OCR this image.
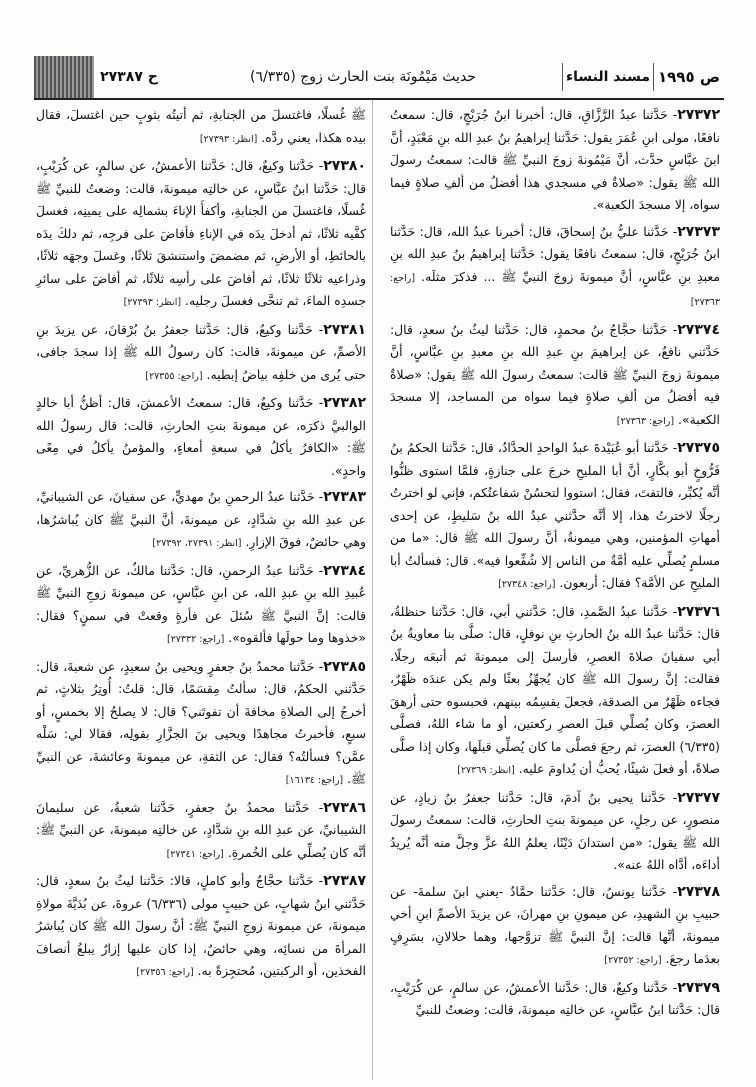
ص ١٩٩٥
مسند النساء
حديث مَيْمُونَة بنت الحارث زوج (٦/٣٣٥)
ح ٢٧٣٨٧

٢٧٣٧٢- حَدَّثنا عبدُ الرَّزَّاقِ، قال: أخبرنا ابنُ جُرَيْجٍ، قال: سمعتُ نافعًا، مولى ابنِ عُمَرَ يقول: حَدَّثنا إبراهيمُ بنُ عبدِ الله بنِ مَعْبَدٍ، أنَّ ابنَ عبَّاسٍ حدَّث، أنَّ مَيْمُونةَ زوجَ النبيِّ ﷺ قالت: سمعتُ رسولَ الله ﷺ يقول: «صلاةٌ في مسجدي هذا أفضلُ من ألفِ صلاةٍ فيما سواه، إلا مسجدَ الكعبة».

٢٧٣٧٣- حَدَّثنا عليُّ بنُ إسحاقَ، قال: أخبرنا عبدُ الله، قال: حَدَّثنا ابنُ جُرَيْجٍ، قال: سمعتُ نافعًا يقول: حَدَّثنا إبراهيمُ بنُ عبدِ الله بنِ معبدِ بنِ عبَّاسٍ، أنَّ ميمونةَ زوجَ النبيِّ ﷺ ... فذكرَ مثلَه. [راجع: ٢٧٣٦٣]

٢٧٣٧٤- حَدَّثنا حجَّاجُ بنُ محمدٍ، قال: حَدَّثنا ليثُ بنُ سعدٍ، قال: حَدَّثني نافعٌ، عن إبراهيمَ بنِ عبدِ الله بنِ معبدِ بنِ عبَّاسٍ، أنَّ ميمونةَ زوجَ النبيِّ ﷺ قالت: سمعتُ رسولَ الله ﷺ يقول: «صلاةٌ فيه أفضلُ من ألفِ صلاةٍ فيما سواه من المساجد، إلا مسجدَ الكعبة». [راجع: ٢٧٣٦٣]

٢٧٣٧٥- حَدَّثنا أبو عُبَيْدةَ عبدُ الواحدِ الحدَّادُ، قال: حَدَّثنا الحكمُ بنُ فَرُّوخٍ أبو بكَّارٍ، أنَّ أبا المليحِ خرجَ على جنازةٍ، فلمَّا استوى ظنُّوا أنَّه يُكبِّر، فالتفتَ، فقال: استووا لتحسُنْ شفاعتُكم، فإني لو اخترتُ رجلًا لاخترتُ هذا، إلا أنَّه حدَّثني عبدُ الله بنُ سَليطٍ، عن إحدى أمهاتِ المؤمنين، وهي ميمونةُ، أنَّ رسولَ الله ﷺ قال: «ما من مسلمٍ يُصلِّي عليه أمَّةٌ من الناس إلا شُفِّعوا فيه». قال: فسألتُ أبا المليحِ عن الأمَّة؟ فقال: أربعون. [راجع: ٢٧٣٤٨]

٢٧٣٧٦- حَدَّثنا عبدُ الصَّمدِ، قال: حَدَّثني أبي، قال: حَدَّثنا حنظلةُ، قال: حَدَّثنا عبدُ الله بنُ الحارثِ بنِ نوفلٍ، قال: صلَّى بنا معاويةُ بنُ أبي سفيانَ صلاةَ العصرِ، فأرسلَ إلى ميمونةَ ثم أتبعَه رجلًا، فقالت: إنَّ رسولَ الله ﷺ كان يُجهِّزُ بعثًا ولم يكن عندَه ظَهْرٌ، فجاءه ظَهْرٌ من الصدقة، فجعلَ يقسِمُه بينهم، فحبسوه حتى أرهقَ العصرَ، وكان يُصلِّي قبلَ العصرِ ركعتين، أو ما شاء اللهُ، فصلَّى (٦/٣٣٥) العصرَ، ثم رجعَ فصلَّى ما كان يُصلِّي قبلَها، وكان إذا صلَّى صلاةً، أو فعلَ شيئًا، يُحبُّ أن يُداومَ عليه. [انظر: ٢٧٣٦٩]

٢٧٣٧٧- حَدَّثنا يحيى بنُ آدمَ، قال: حَدَّثنا جعفرُ بنُ زيادٍ، عن منصورٍ، عن رجلٍ، عن ميمونةَ بنتِ الحارثِ، قالت: سمعتُ رسولَ الله ﷺ يقول: «من استدانَ دَيْنًا، يعلمُ اللهُ عزَّ وجلَّ منه أنَّه يُريدُ أداءَه، أدَّاه اللهُ عنه».

٢٧٣٧٨- حَدَّثنا يونسُ، قال: حَدَّثنا حمَّادٌ -يعني ابنَ سلمةَ- عن حبيبِ بنِ الشهيدِ، عن ميمونِ بنِ مهرانَ، عن يزيدَ الأصمِّ ابنِ أخي ميمونةَ، أنَّها قالت: إنَّ النبيَّ ﷺ تزوَّجها، وهما حلالانِ، بسَرِفٍ بعدَما رجعَ. [راجع: ٢٧٣٥٢]

٢٧٣٧٩- حَدَّثنا وكيعٌ، قال: حَدَّثنا الأعمشُ، عن سالمٍ، عن كُرَيْبٍ، قال: حَدَّثنا ابنُ عبَّاسٍ، عن خالتِه ميمونةَ، قالت: وضعتُ للنبيِّ

ﷺ غُسلًا، فاغتسلَ من الجنابةِ، ثم أتيتُه بثوبٍ حين اغتسلَ، فقال بيده هكذا، يعني ردَّه. [انظر: ٢٧٣٩٣]

٢٧٣٨٠- حَدَّثنا وكيعٌ، قال: حَدَّثنا الأعمشُ، عن سالمٍ، عن كُرَيْبٍ، قال: حَدَّثنا ابنُ عبَّاسٍ، عن خالتِه ميمونةَ، قالت: وضعتُ للنبيِّ ﷺ غُسلًا، فاغتسلَ من الجنابةِ، وأكفأَ الإناءَ بشمالِه على يمينِه، فغسلَ كفَّيه ثلاثًا، ثم أدخلَ يدَه في الإناءِ فأفاضَ على فرجِه، ثم دلكَ يدَه بالحائطِ، أو الأرضِ، ثم مضمضَ واستنشقَ ثلاثًا، وغسلَ وجهَه ثلاثًا، وذراعيه ثلاثًا ثلاثًا، ثم أفاضَ على رأسِه ثلاثًا، ثم أفاضَ على سائرِ جسدِه الماءَ، ثم تنحَّى فغسلَ رجليه. [انظر: ٢٧٣٩٣]

٢٧٣٨١- حَدَّثنا وكيعٌ، قال: حَدَّثنا جعفرُ بنُ بُرْقانَ، عن يزيدَ بنِ الأصمِّ، عن ميمونةَ، قالت: كان رسولُ الله ﷺ إذا سجدَ جافى، حتى يُرى من خلفِه بياضُ إبطيه. [راجع: ٢٧٣٥٥]

٢٧٣٨٢- حَدَّثنا وكيعٌ، قال: سمعتُ الأعمشَ، قال: أظنُّ أبا خالدٍ الوالبيَّ ذكرَه، عن ميمونةَ بنتِ الحارثِ، قالت: قال رسولُ الله ﷺ: «الكافرُ يأكلُ في سبعةِ أمعاءٍ، والمؤمنُ يأكلُ في مِعًى واحدٍ».

٢٧٣٨٣- حَدَّثنا عبدُ الرحمنِ بنُ مهديٍّ، عن سفيانَ، عن الشيبانيِّ، عن عبدِ الله بنِ شدَّادٍ، عن ميمونةَ، أنَّ النبيَّ ﷺ كان يُباشرُها، وهي حائضٌ، فوقَ الإزارِ. [انظر: ٢٧٣٩١، ٢٧٣٩٢]

٢٧٣٨٤- حَدَّثنا عبدُ الرحمنِ، قال: حَدَّثنا مالكٌ، عن الزُّهريِّ، عن عُبيدِ الله بنِ عبدِ الله، عن ابنِ عبَّاسٍ، عن ميمونةَ زوجِ النبيِّ ﷺ قالت: إنَّ النبيَّ ﷺ سُئلَ عن فأرةٍ وقعتْ في سمنٍ؟ فقال: «خذوها وما حولَها فألقوه». [راجع: ٢٧٣٣٢]

٢٧٣٨٥- حَدَّثنا محمدُ بنُ جعفرٍ ويحيى بنُ سعيدٍ، عن شعبةَ، قال: حَدَّثني الحكمُ، قال: سألتُ مِقسَمًا، قال: قلتُ: أُوتِرُ بثلاثٍ، ثم أخرجُ إلى الصلاةِ مخافةَ أن تفوتَني؟ قال: لا يصلحُ إلا بخمسٍ، أو سبعٍ، فأخبرتُ مجاهدًا ويحيى بنَ الجزَّارِ بقولِه، فقالا لي: سَلْه عمَّن؟ فسألتُه؟ فقال: عن الثقةِ، عن ميمونةَ وعائشةَ، عن النبيِّ ﷺ. [راجع: ١٦١٣٤]

٢٧٣٨٦- حَدَّثنا محمدُ بنُ جعفرٍ، حَدَّثنا شعبةُ، عن سليمانَ الشيبانيِّ، عن عبدِ الله بنِ شدَّادٍ، عن خالتِه ميمونةَ، عن النبيِّ ﷺ: أنَّه كان يُصلِّي على الخُمرةِ. [راجع: ٢٧٣٤١]

٢٧٣٨٧- حَدَّثنا حجَّاجٌ وأبو كاملٍ، قالا: حَدَّثنا ليثُ بنُ سعدٍ، قال: حَدَّثني ابنُ شهابٍ، عن حبيبٍ مولى (٦/٣٣٦) عروةَ، عن بُدَيَّةَ مولاةِ ميمونةَ، عن ميمونةَ زوجِ النبيِّ ﷺ: أنَّ رسولَ الله ﷺ كان يُباشرُ المرأةَ من نسائِه، وهي حائضٌ، إذا كان عليها إزارٌ يبلغُ أنصافَ الفخذين، أو الركبتين، مُحتجِزةً به. [راجع: ٢٧٣٥٦]
